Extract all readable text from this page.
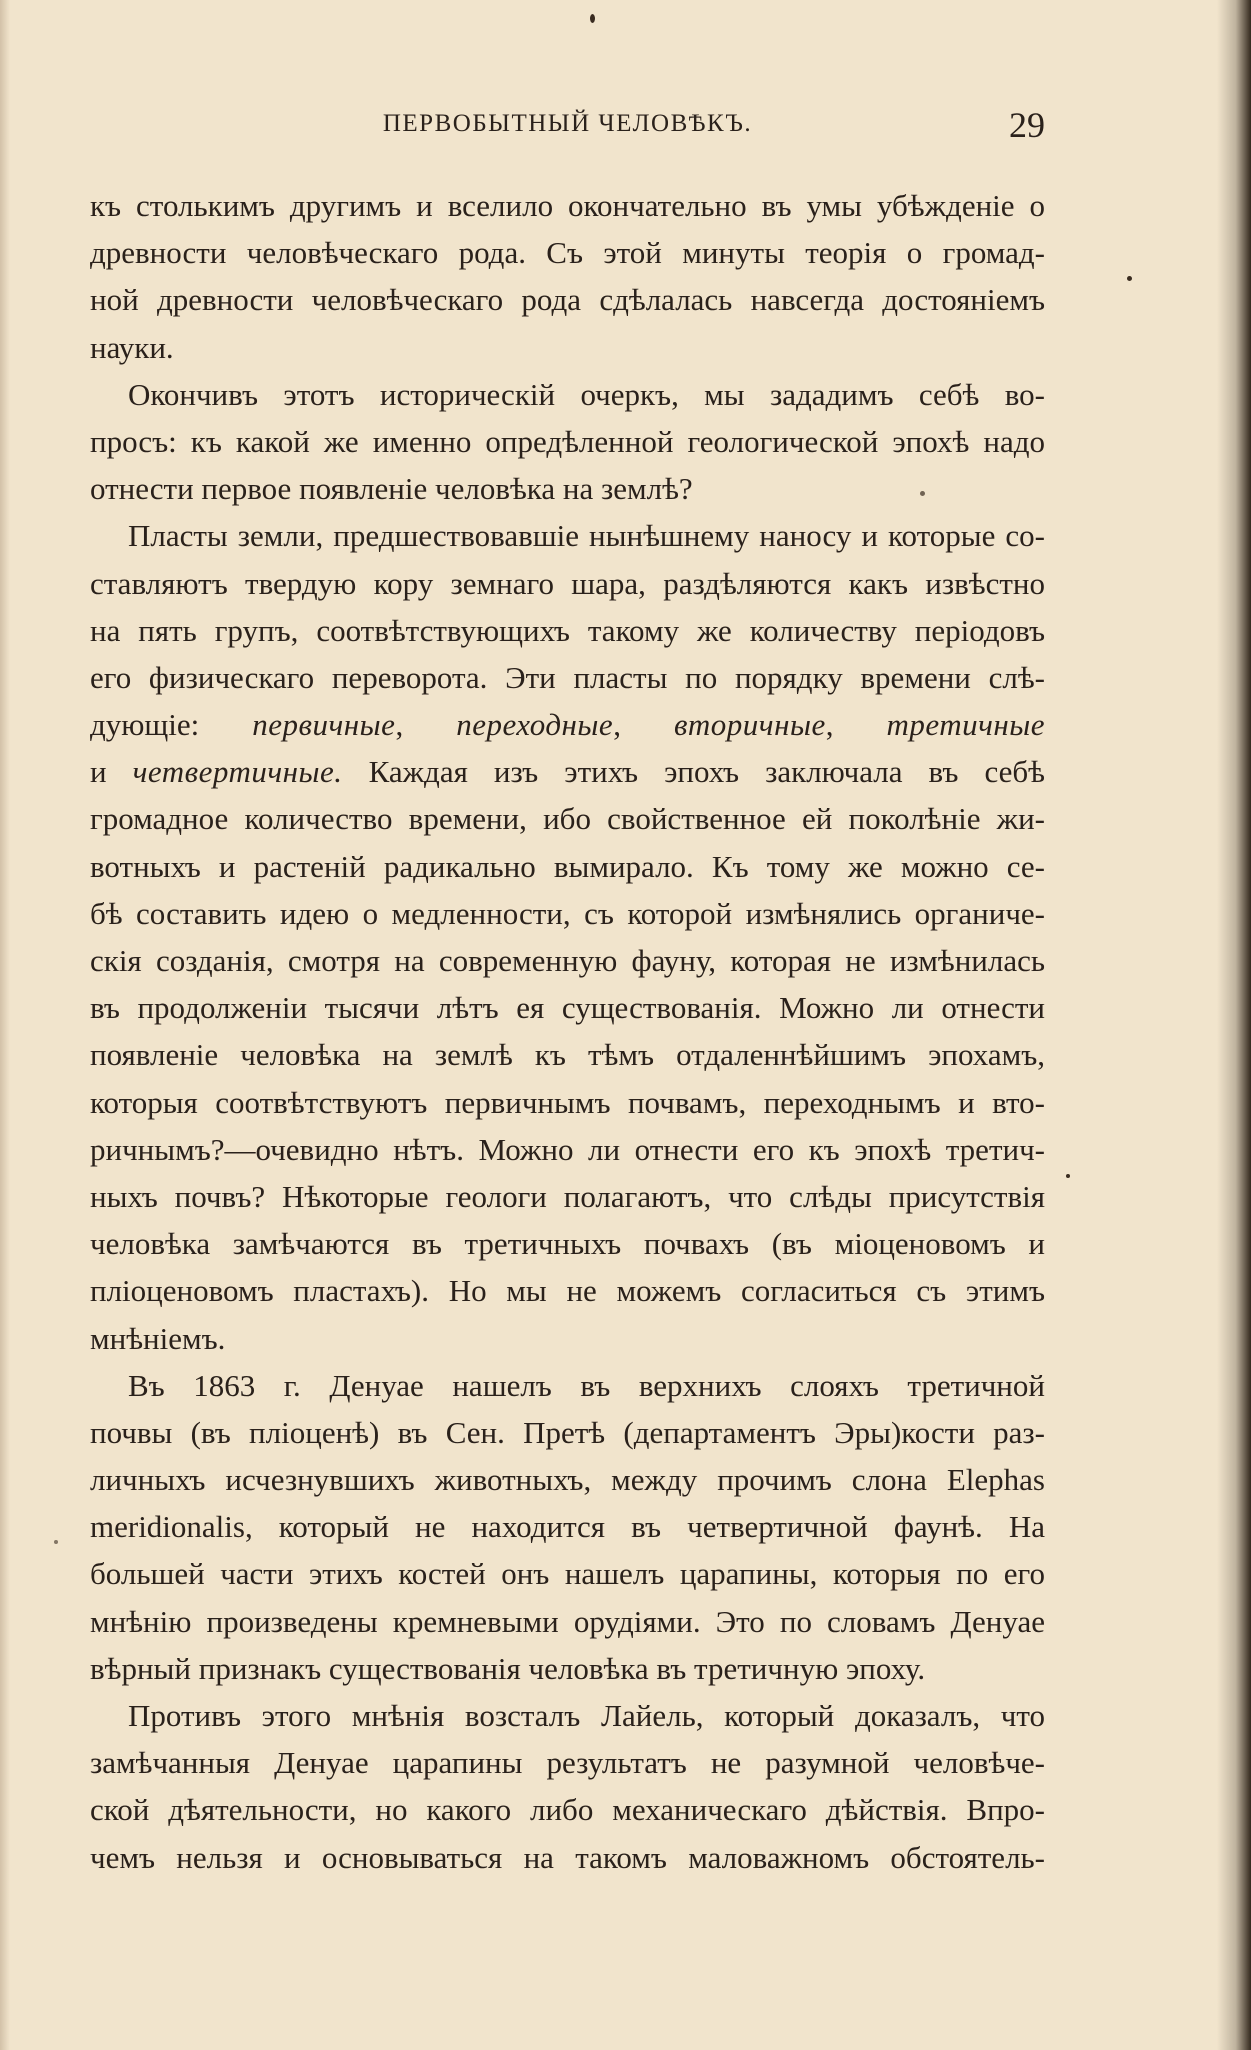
ПЕРВОБЫТНЫЙ ЧЕЛОВѢКЪ.	29
къ столькимъ другимъ и вселило окончательно въ умы убѣжденіе о
древности человѣческаго рода. Съ этой минуты теорія о громад-
ной древности человѣческаго рода сдѣлалась навсегда достояніемъ
науки.
Окончивъ этотъ историческій очеркъ, мы зададимъ себѣ во-
просъ: къ какой же именно опредѣленной геологической эпохѣ надо
отнести первое появленіе человѣка на землѣ?
Пласты земли, предшествовавшіе нынѣшнему наносу и которые со-
ставляютъ твердую кору земнаго шара, раздѣляются какъ извѣстно
на пять групъ, соотвѣтствующихъ такому же количеству періодовъ
его физическаго переворота. Эти пласты по порядку времени слѣ-
дующіе: первичные, переходные, вторичные, третичные
и четвертичные. Каждая изъ этихъ эпохъ заключала въ себѣ
громадное количество времени, ибо свойственное ей поколѣніе жи-
вотныхъ и растеній радикально вымирало. Къ тому же можно се-
бѣ составить идею о медленности, съ которой измѣнялись органиче-
скія созданія, смотря на современную фауну, которая не измѣнилась
въ продолженіи тысячи лѣтъ ея существованія. Можно ли отнести
появленіе человѣка на землѣ къ тѣмъ отдаленнѣйшимъ эпохамъ,
которыя соотвѣтствуютъ первичнымъ почвамъ, переходнымъ и вто-
ричнымъ?—очевидно нѣтъ. Можно ли отнести его къ эпохѣ третич-
ныхъ почвъ? Нѣкоторые геологи полагаютъ, что слѣды присутствія
человѣка замѣчаются въ третичныхъ почвахъ (въ міоценовомъ и
пліоценовомъ пластахъ). Но мы не можемъ согласиться съ этимъ
мнѣніемъ.
Въ 1863 г. Денуае нашелъ въ верхнихъ слояхъ третичной
почвы (въ пліоценѣ) въ Сен. Претѣ (департаментъ Эры)кости раз-
личныхъ исчезнувшихъ животныхъ, между прочимъ слона Elephas
meridionalis, который не находится въ четвертичной фаунѣ. На
большей части этихъ костей онъ нашелъ царапины, которыя по его
мнѣнію произведены кремневыми орудіями. Это по словамъ Денуае
вѣрный признакъ существованія человѣка въ третичную эпоху.
Противъ этого мнѣнія возсталъ Лайель, который доказалъ, что
замѣчанныя Денуае царапины результатъ не разумной человѣче-
ской дѣятельности, но какого либо механическаго дѣйствія. Впро-
чемъ нельзя и основываться на такомъ маловажномъ обстоятель-
